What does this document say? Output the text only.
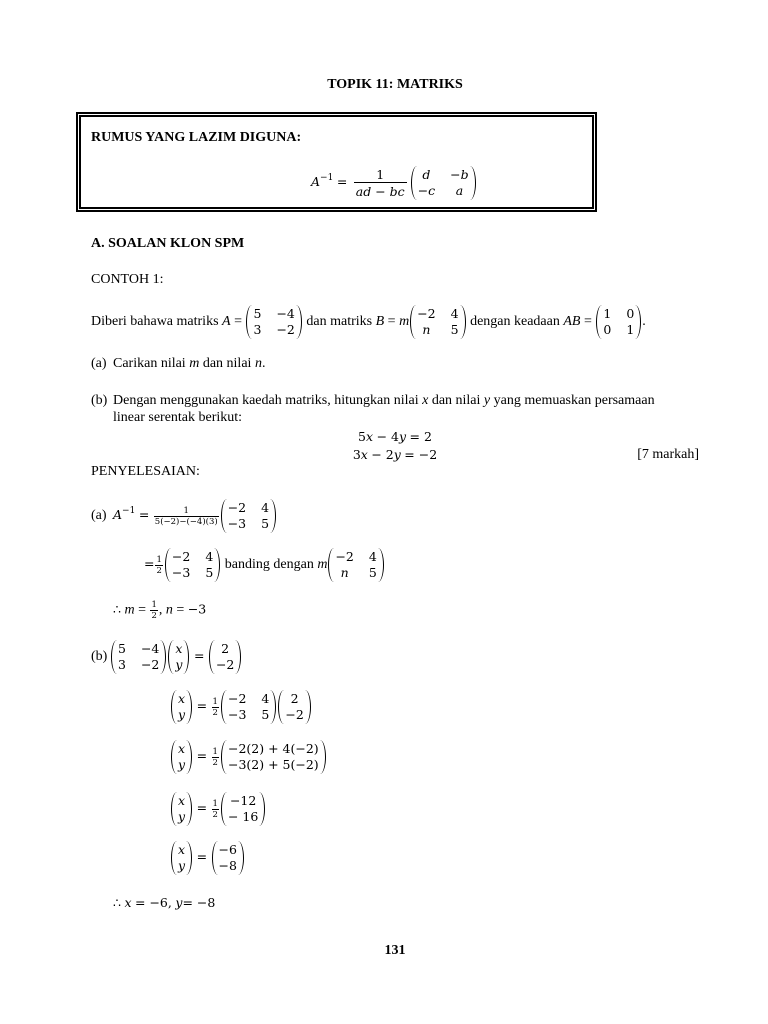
TOPIK 11: MATRIKS
RUMUS YANG LAZIM DIGUNA:
$A^{-1} = \frac{1}{ad - bc}$	d	−b
−c	a
A. SOALAN KLON SPM
CONTOH 1:
Diberi bahawa matriks A =
5 −4
3 −2
dan matriks B = m
−2 4
n	5
dengan keadaan AB =
1 0
0 1
.
(a) Carikan nilai m dan nilai n.
(b) Dengan menggunakan kaedah matriks, hitungkan nilai x dan nilai y yang memuaskan persamaan
linear serentak berikut:
5x − 4y = 2
3x − 2y = −2	[7 markah]
PENYELESAIAN:
(a) $A^{-1} = \frac{1}{5(-2)-(-4)(3)} -2$ 4
−3 5
= $\frac{1}{2} -2$ 4
−3 5
banding dengan m
−2 4
n	5
∴ $m = \frac{1}{2}$ , n = −3
(b)
5 −4
3 −2
x
y
=	2
−2
x
y
= $\frac{1}{2} -2$ 4
−3 5
2
−2
x
y
= $\frac{1}{2} -2(2) + 4(-2)$
−3(2) + 5(−2)
x
y
= $\frac{1}{2} -12$
− 16
x
y
= −6
−8
∴ x = −6, y= −8
131
